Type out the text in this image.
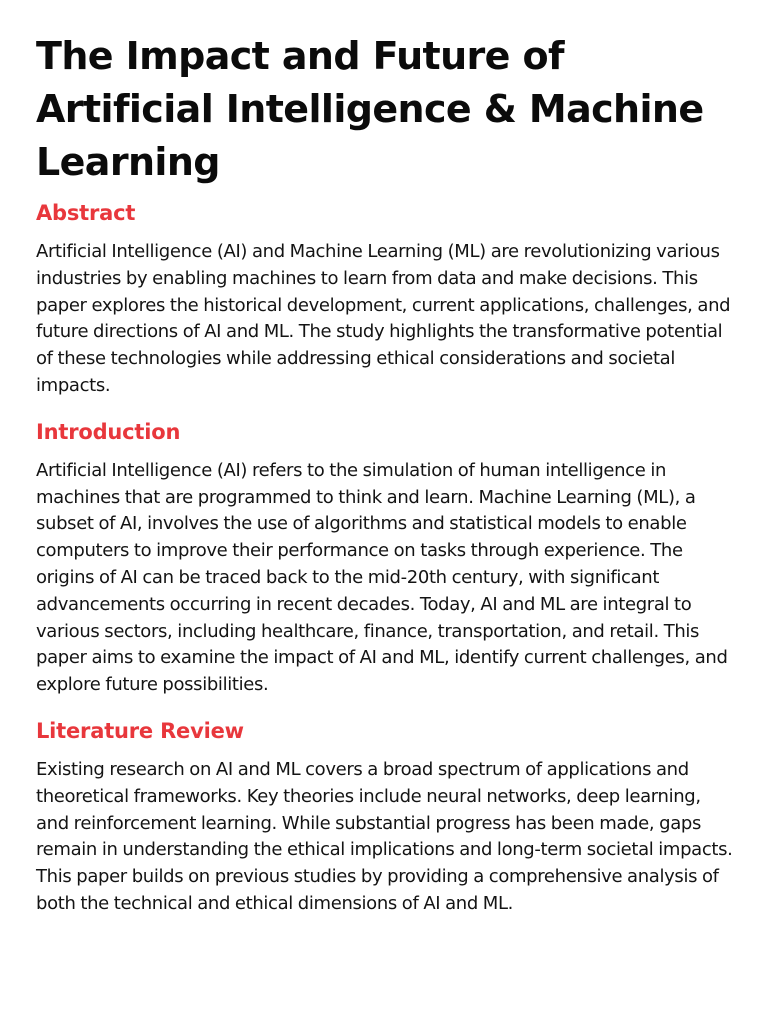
The Impact and Future of Artificial Intelligence & Machine Learning
Abstract

Artificial Intelligence (AI) and Machine Learning (ML) are revolutionizing various industries by enabling machines to learn from data and make decisions. This paper explores the historical development, current applications, challenges, and future directions of AI and ML. The study highlights the transformative potential of these technologies while addressing ethical considerations and societal impacts.

Introduction

Artificial Intelligence (AI) refers to the simulation of human intelligence in machines that are programmed to think and learn. Machine Learning (ML), a subset of AI, involves the use of algorithms and statistical models to enable computers to improve their performance on tasks through experience. The origins of AI can be traced back to the mid-20th century, with significant advancements occurring in recent decades. Today, AI and ML are integral to various sectors, including healthcare, finance, transportation, and retail. This paper aims to examine the impact of AI and ML, identify current challenges, and explore future possibilities.

Literature Review

Existing research on AI and ML covers a broad spectrum of applications and theoretical frameworks. Key theories include neural networks, deep learning, and reinforcement learning. While substantial progress has been made, gaps remain in understanding the ethical implications and long-term societal impacts. This paper builds on previous studies by providing a comprehensive analysis of both the technical and ethical dimensions of AI and ML.
